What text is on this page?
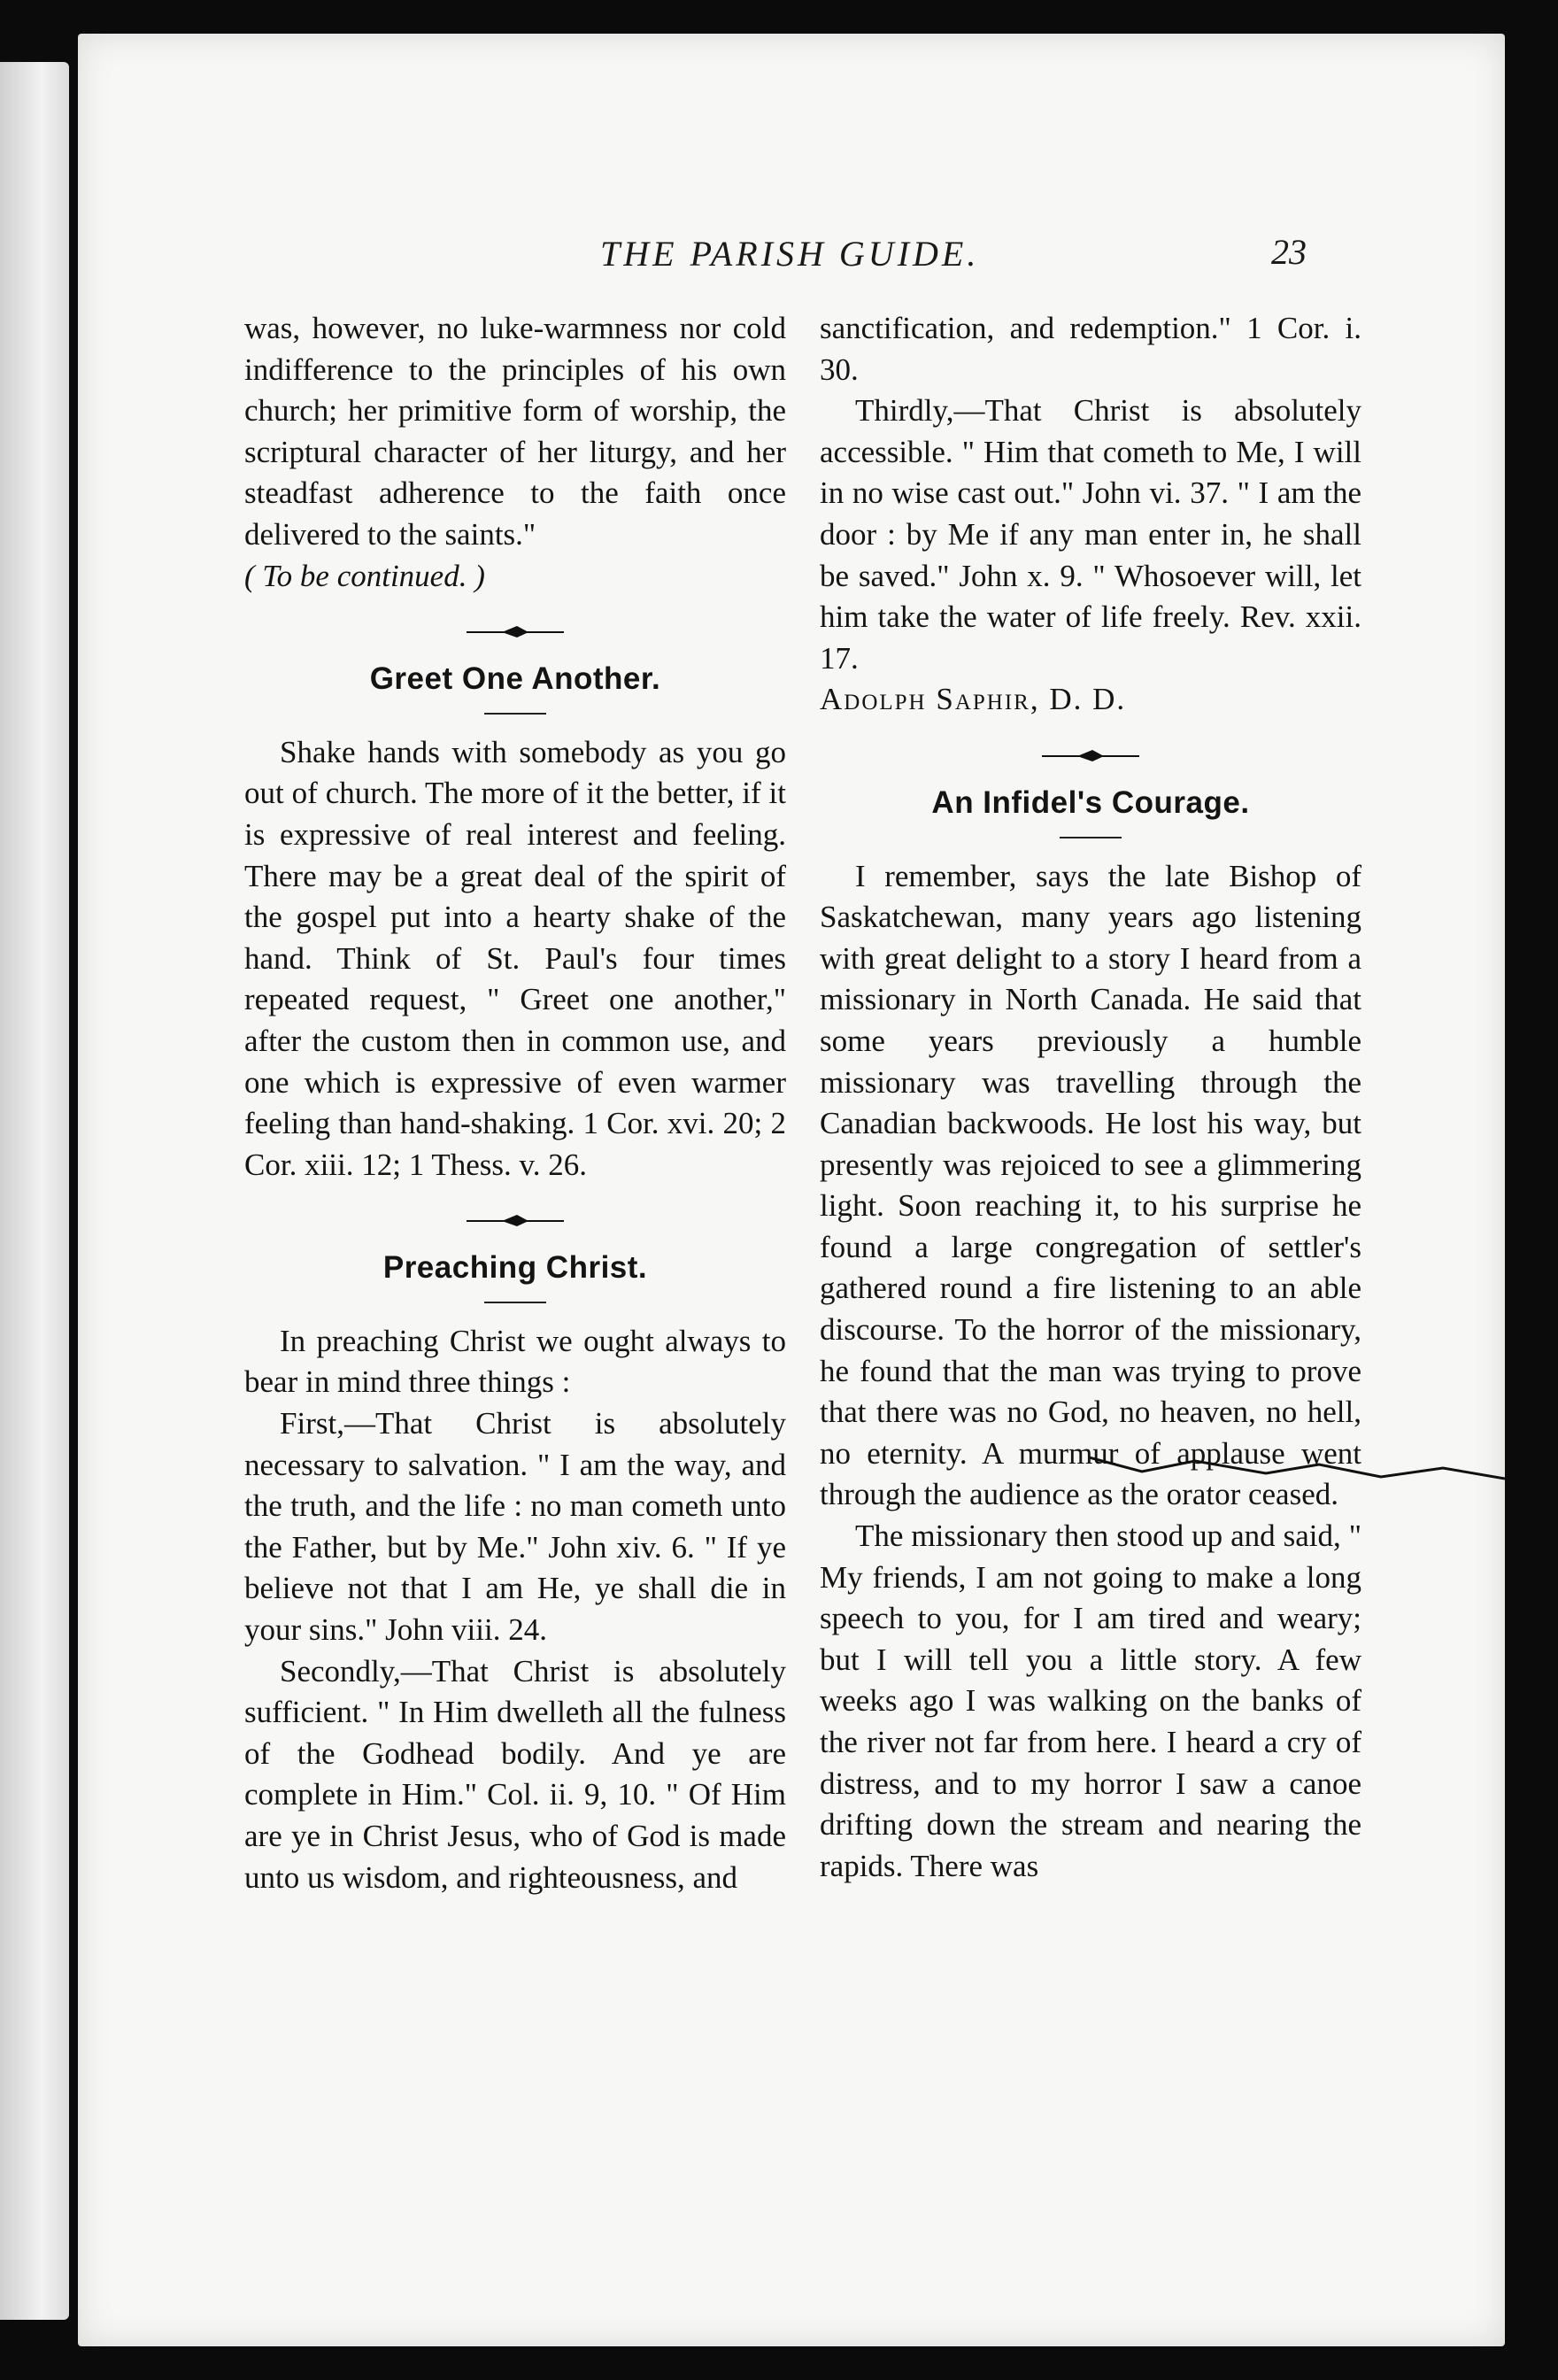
THE PARISH GUIDE.	23

was, however, no luke-warmness nor cold indifference to the principles of his own church; her primitive form of worship, the scriptural character of her liturgy, and her steadfast adherence to the faith once delivered to the saints."

( To be continued. )

Greet One Another.

Shake hands with somebody as you go out of church. The more of it the better, if it is expressive of real interest and feeling. There may be a great deal of the spirit of the gospel put into a hearty shake of the hand. Think of St. Paul's four times repeated request, " Greet one another," after the custom then in common use, and one which is expressive of even warmer feeling than hand-shaking. 1 Cor. xvi. 20; 2 Cor. xiii. 12; 1 Thess. v. 26.

Preaching Christ.

In preaching Christ we ought always to bear in mind three things :

First,—That Christ is absolutely necessary to salvation. " I am the way, and the truth, and the life : no man cometh unto the Father, but by Me." John xiv. 6. " If ye believe not that I am He, ye shall die in your sins." John viii. 24.

Secondly,—That Christ is absolutely sufficient. " In Him dwelleth all the fulness of the Godhead bodily. And ye are complete in Him." Col. ii. 9, 10. " Of Him are ye in Christ Jesus, who of God is made unto us wisdom, and righteousness, and

sanctification, and redemption." 1 Cor. i. 30.

Thirdly,—That Christ is absolutely accessible. " Him that cometh to Me, I will in no wise cast out." John vi. 37. " I am the door : by Me if any man enter in, he shall be saved." John x. 9. " Whosoever will, let him take the water of life freely. Rev. xxii. 17.

Adolph Saphir, D. D.

An Infidel's Courage.

I remember, says the late Bishop of Saskatchewan, many years ago listening with great delight to a story I heard from a missionary in North Canada. He said that some years previously a humble missionary was travelling through the Canadian backwoods. He lost his way, but presently was rejoiced to see a glimmering light. Soon reaching it, to his surprise he found a large congregation of settler's gathered round a fire listening to an able discourse. To the horror of the missionary, he found that the man was trying to prove that there was no God, no heaven, no hell, no eternity. A murmur of applause went through the audience as the orator ceased.

The missionary then stood up and said, " My friends, I am not going to make a long speech to you, for I am tired and weary; but I will tell you a little story. A few weeks ago I was walking on the banks of the river not far from here. I heard a cry of distress, and to my horror I saw a canoe drifting down the stream and nearing the rapids. There was
